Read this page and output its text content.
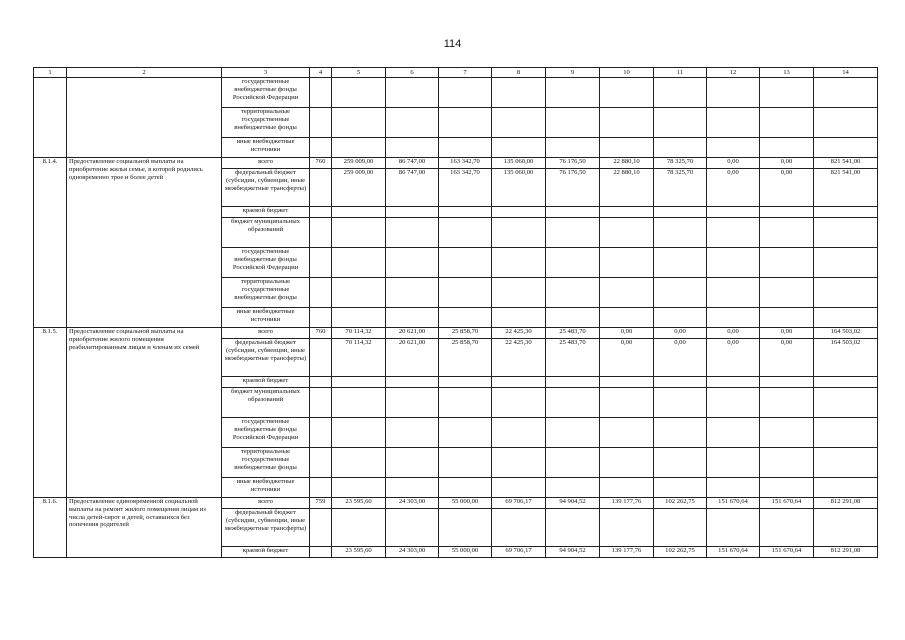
114
1	2	3	4	5	6	7	8	9	10	11	12	13	14
		государственные внебюджетные фонды Российской Федерации											
		территориальные государственные внебюджетные фонды											
		иные внебюджетные источники											
8.1.4.	Предоставление социальной выплаты на приобретение жилья семье, в которой родились одновременно трое и более детей	всего	760	259 009,00	86 747,00	163 342,70	135 060,00	76 176,50	22 880,10	78 325,70	0,00	0,00	821 541,00
		федеральный бюджет (субсидии, субвенции, иные межбюджетные трансферты)		259 009,00	86 747,00	163 342,70	135 060,00	76 176,50	22 880,10	78 325,70	0,00	0,00	821 541,00
		краевой бюджет											
		бюджет муниципальных образований											
		государственные внебюджетные фонды Российской Федерации											
		территориальные государственные внебюджетные фонды											
		иные внебюджетные источники											
8.1.5.	Предоставление социальной выплаты на приобретение жилого помещения реабилитированным лицам и членам их семей	всего	760	70 114,32	20 621,00	25 858,70	22 425,30	25 483,70	0,00	0,00	0,00	0,00	164 503,02
		федеральный бюджет (субсидии, субвенции, иные межбюджетные трансферты)		70 114,32	20 621,00	25 858,70	22 425,30	25 483,70	0,00	0,00	0,00	0,00	164 503,02
		краевой бюджет											
		бюджет муниципальных образований											
		государственные внебюджетные фонды Российской Федерации											
		территориальные государственные внебюджетные фонды											
		иные внебюджетные источники											
8.1.6.	Предоставление единовременной социальной выплаты на ремонт жилого помещения лицам из числа детей-сирот и детей, оставшихся без попечения родителей	всего	759	23 595,60	24 303,00	55 000,00	69 706,17	94 904,52	139 177,76	102 262,75	151 670,64	151 670,64	812 291,08
		федеральный бюджет (субсидии, субвенции, иные межбюджетные трансферты)											
		краевой бюджет		23 595,60	24 303,00	55 000,00	69 706,17	94 904,52	139 177,76	102 262,75	151 670,64	151 670,64	812 291,08
